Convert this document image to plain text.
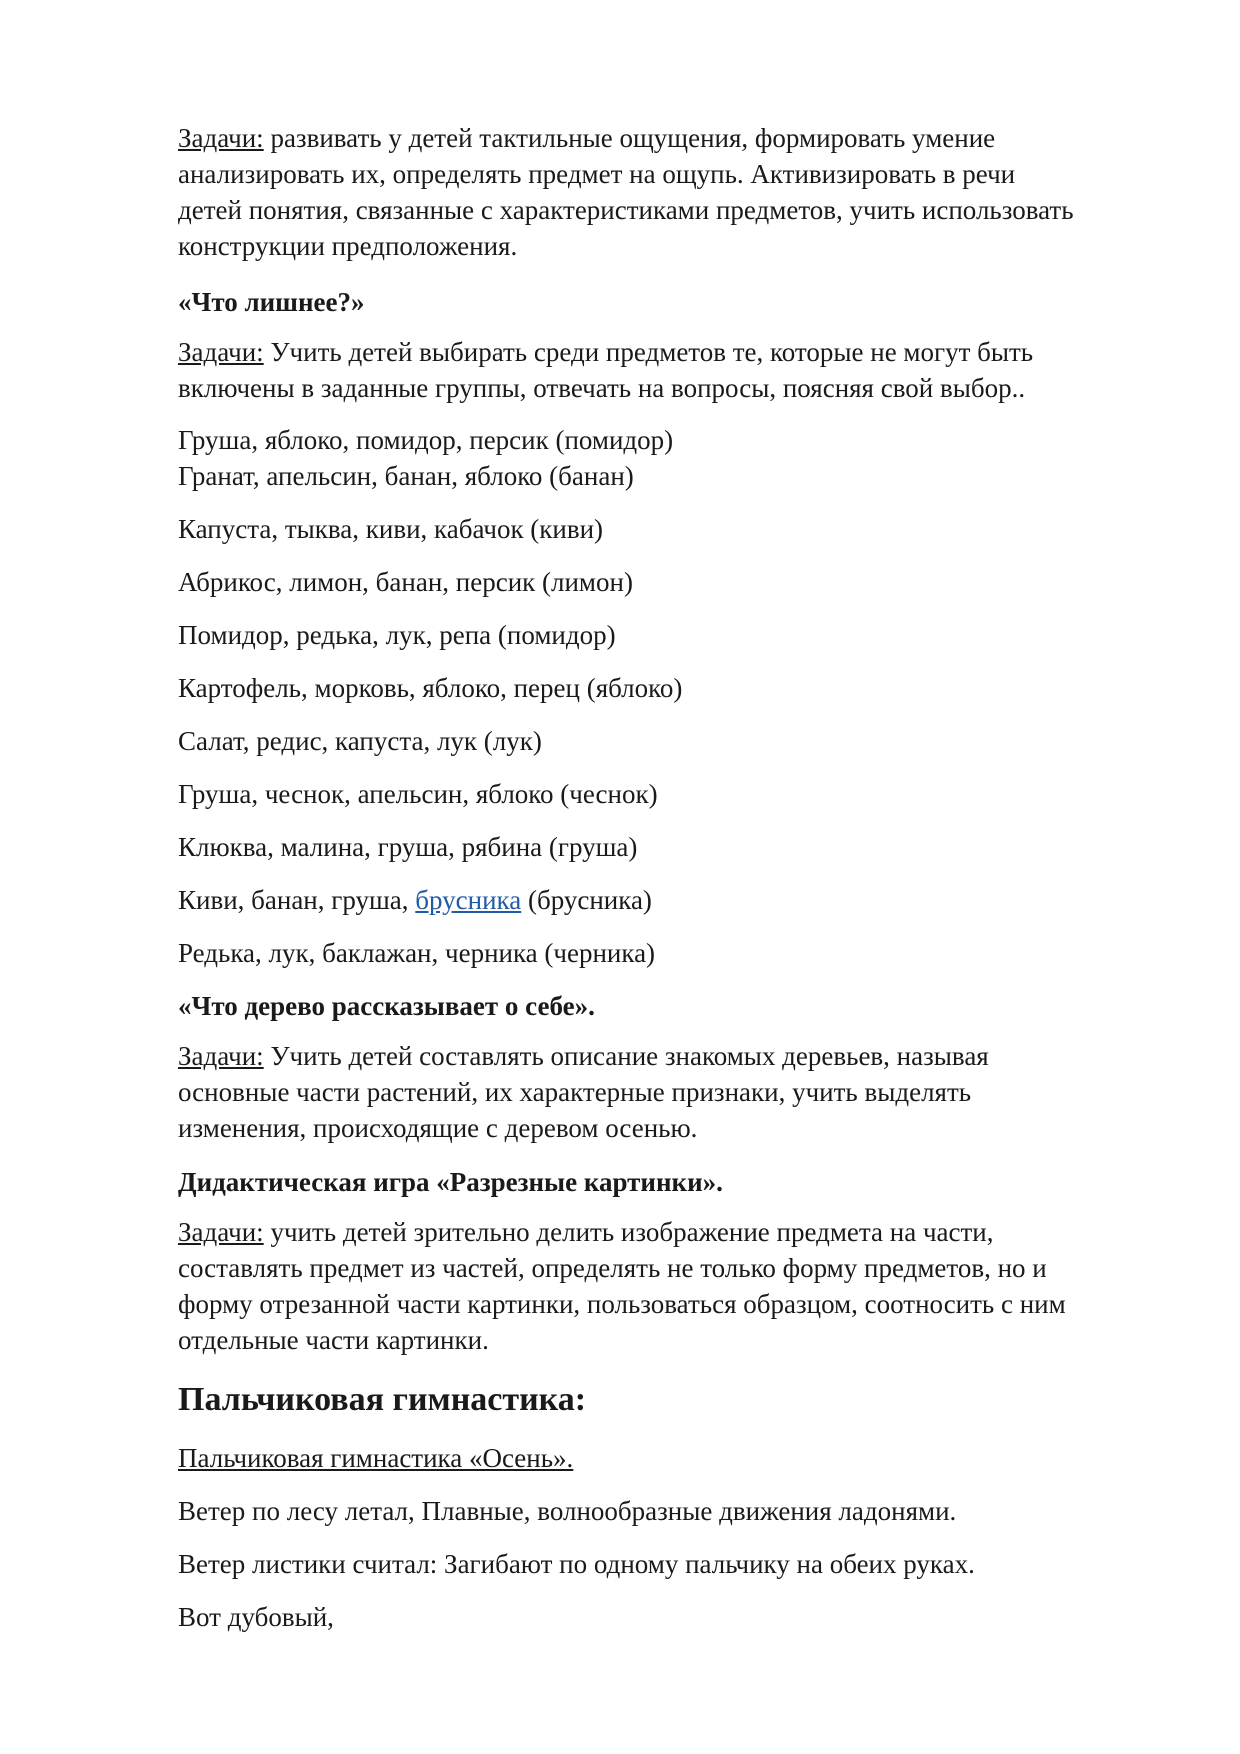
Задачи: развивать у детей тактильные ощущения, формировать умение
анализировать их, определять предмет на ощупь. Активизировать в речи
детей понятия, связанные с характеристиками предметов, учить использовать
конструкции предположения.
«Что лишнее?»
Задачи: Учить детей выбирать среди предметов те, которые не могут быть
включены в заданные группы, отвечать на вопросы, поясняя свой выбор..
Груша, яблоко, помидор, персик (помидор)
Гранат, апельсин, банан, яблоко (банан)
Капуста, тыква, киви, кабачок (киви)
Абрикос, лимон, банан, персик (лимон)
Помидор, редька, лук, репа (помидор)
Картофель, морковь, яблоко, перец (яблоко)
Салат, редис, капуста, лук (лук)
Груша, чеснок, апельсин, яблоко (чеснок)
Клюква, малина, груша, рябина (груша)
Киви, банан, груша, брусника (брусника)
Редька, лук, баклажан, черника (черника)
«Что дерево рассказывает о себе».
Задачи: Учить детей составлять описание знакомых деревьев, называя
основные части растений, их характерные признаки, учить выделять
изменения, происходящие с деревом осенью.
Дидактическая игра «Разрезные картинки».
Задачи: учить детей зрительно делить изображение предмета на части,
составлять предмет из частей, определять не только форму предметов, но и
форму отрезанной части картинки, пользоваться образцом, соотносить с ним
отдельные части картинки.
Пальчиковая гимнастика:
Пальчиковая гимнастика «Осень».
Ветер по лесу летал, Плавные, волнообразные движения ладонями.
Ветер листики считал: Загибают по одному пальчику на обеих руках.
Вот дубовый,
